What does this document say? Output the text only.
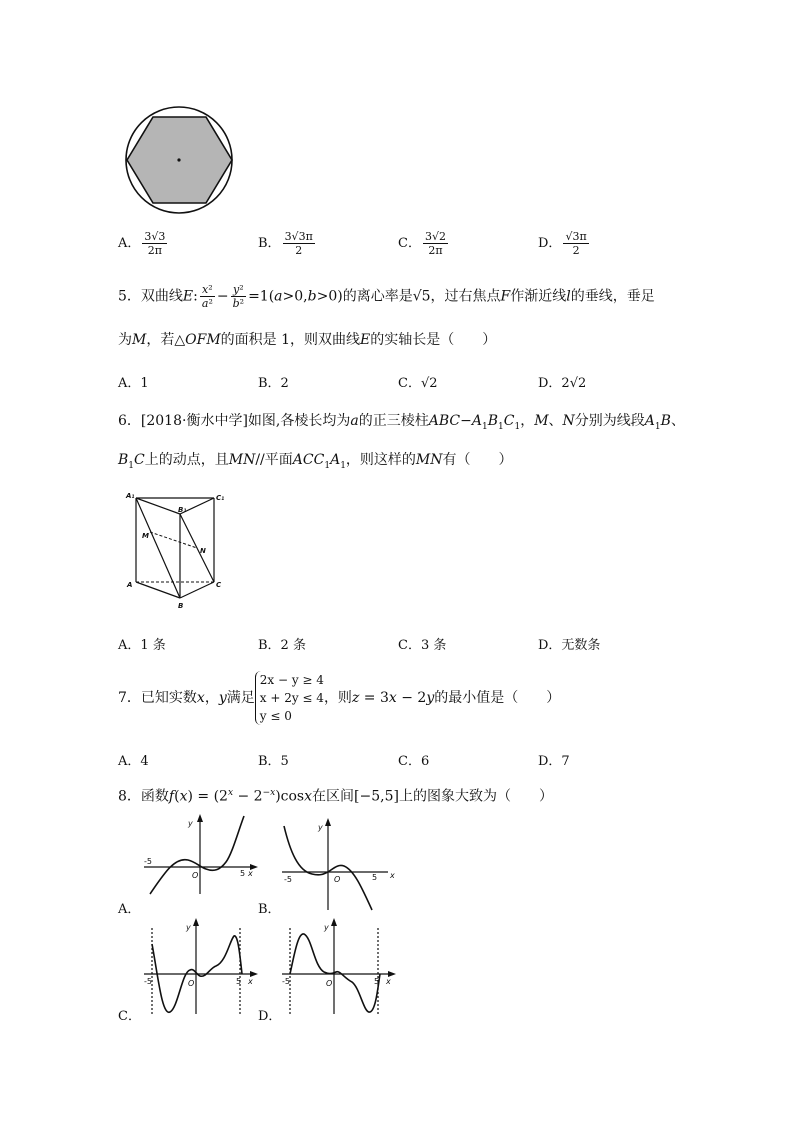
A． $\frac{3√3}{2\pi}$	B． $\frac{3√3\pi}{2}$	C． $\frac{3√2}{2\pi}$	D． $\frac{√3\pi}{2}$
5．双曲线E: $\frac{\text{x²}}{\text{a²}} - \frac{\text{y²}}{\text{b²}} =1(a>0,b>0)$的离心率是√5，过右焦点F作渐近线l的垂线，垂足
为M，若△OFM的面积是 1，则双曲线E的实轴长是（　　）
A．1	B．2	C．√2	D．2√2
6．[2018·衡水中学]如图,各棱长均为a的正三棱柱$ABC-A_1B_1C_1$，M、N分别为线段$A_1B$、
$B_1C$上的动点，且MN//平面$ACC_1A_1$，则这样的MN有（　　）
A₁	C₁
B₁
M
N
A	C
B
A．1 条	B．2 条	C．3 条	D．无数条
7．已知实数x，y满足
2x − y ≥ 4
x + 2y ≤ 4
y ≤ 0
，则z = 3x − 2y的最小值是（　　）
A．4	B．5	C．6	D．7
8．函数$f(x) = (2^x - 2^{-x})\cos x$在区间[−5,5]上的图象大致为（　　）
y
x
O
-5
5
A．
y
x
O
-5	5
B．
y
x
O
-5	5
C．
y
x
O
-5	5
D．
